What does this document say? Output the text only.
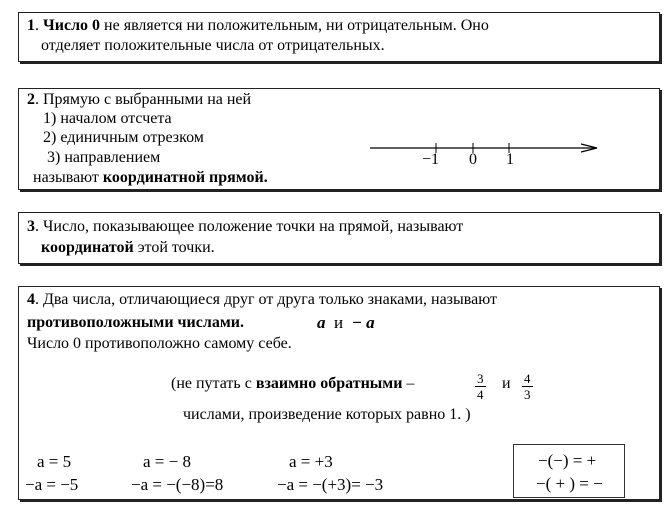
1. Число 0 не является ни положительным, ни отрицательным. Оно
отделяет положительные числа от отрицательных.
2. Прямую с выбранными на ней
1) началом отсчета
2) единичным отрезком
3) направлением
называют координатной прямой.
−1 0 1
3. Число, показывающее положение точки на прямой, называют
координатой этой точки.
4. Два числа, отличающиеся друг от друга только знаками, называют
противоположными числами.	a и − a
Число 0 противоположно самому себе.
(не путать с взаимно обратными –	$\frac{3}{4}$ и $\frac{4}{3}$
числами, произведение которых равно 1. )
a = 5
−a = −5
a = − 8
−a = −(−8)=8
a = +3
−a = −(+3)= −3
−(−) = +
−( + ) = −
